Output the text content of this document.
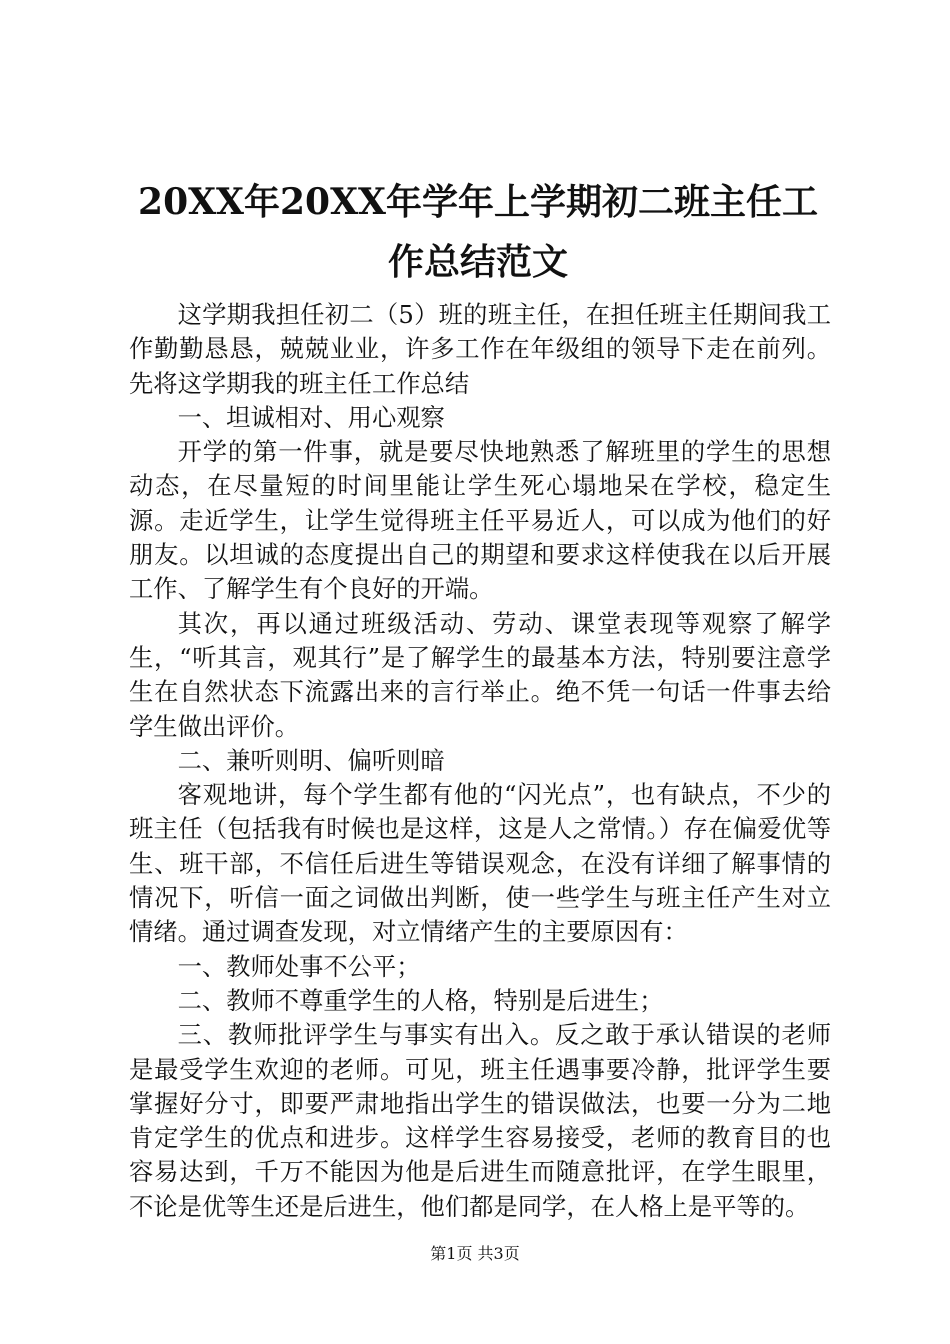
20XX年20XX年学年上学期初二班主任工作总结范文

这学期我担任初二（5）班的班主任，在担任班主任期间我工作勤勤恳恳，兢兢业业，许多工作在年级组的领导下走在前列。先将这学期我的班主任工作总结

一、坦诚相对、用心观察

开学的第一件事，就是要尽快地熟悉了解班里的学生的思想动态，在尽量短的时间里能让学生死心塌地呆在学校，稳定生源。走近学生，让学生觉得班主任平易近人，可以成为他们的好朋友。以坦诚的态度提出自己的期望和要求这样使我在以后开展工作、了解学生有个良好的开端。

其次，再以通过班级活动、劳动、课堂表现等观察了解学生，“听其言，观其行”是了解学生的最基本方法，特别要注意学生在自然状态下流露出来的言行举止。绝不凭一句话一件事去给学生做出评价。

二、兼听则明、偏听则暗

客观地讲，每个学生都有他的“闪光点”，也有缺点，不少的班主任（包括我有时候也是这样，这是人之常情。）存在偏爱优等生、班干部，不信任后进生等错误观念，在没有详细了解事情的情况下，听信一面之词做出判断，使一些学生与班主任产生对立情绪。通过调查发现，对立情绪产生的主要原因有：

一、教师处事不公平；

二、教师不尊重学生的人格，特别是后进生；

三、教师批评学生与事实有出入。反之敢于承认错误的老师是最受学生欢迎的老师。可见，班主任遇事要冷静，批评学生要掌握好分寸，即要严肃地指出学生的错误做法，也要一分为二地肯定学生的优点和进步。这样学生容易接受，老师的教育目的也容易达到，千万不能因为他是后进生而随意批评，在学生眼里，不论是优等生还是后进生，他们都是同学，在人格上是平等的。

第1页 共3页
